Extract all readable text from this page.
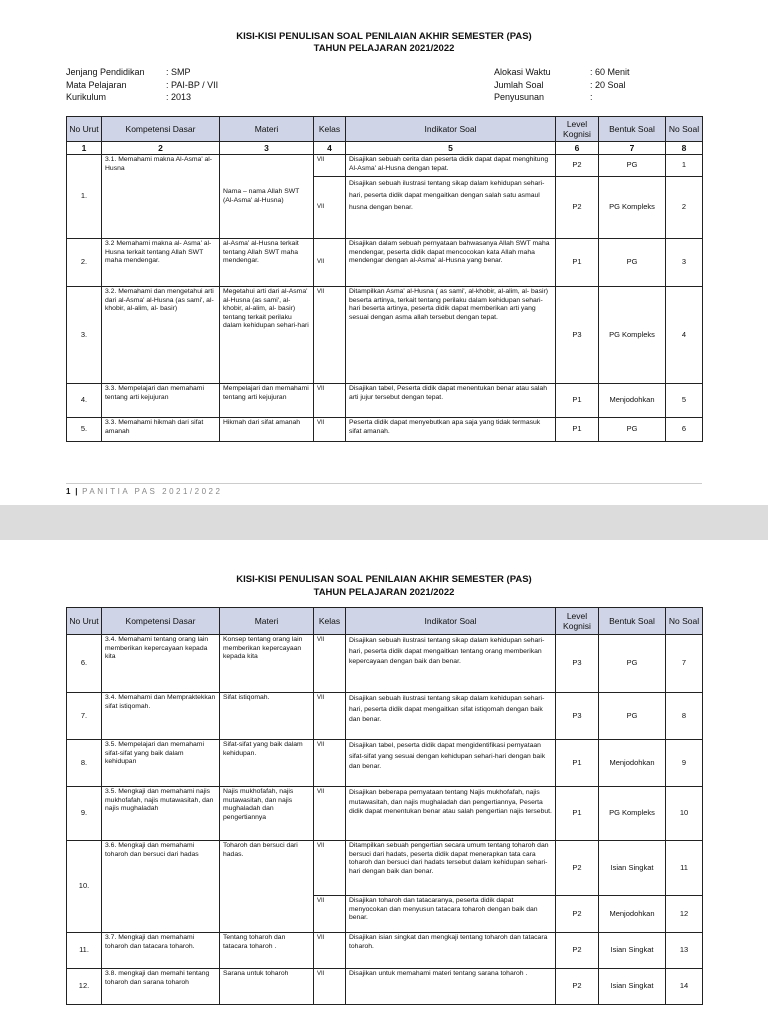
KISI-KISI PENULISAN SOAL PENILAIAN AKHIR SEMESTER (PAS)
TAHUN PELAJARAN 2021/2022
Jenjang Pendidikan	: SMP
Mata Pelajaran	: PAI-BP / VII
Kurikulum	: 2013
Alokasi Waktu	: 60 Menit
Jumlah Soal	: 20 Soal
Penyusunan	:
No Urut	Kompetensi Dasar	Materi	Kelas	Indikator Soal	Level Kognisi	Bentuk Soal	No Soal
1	2	3	4	5	6	7	8
1.	3.1. Memahami makna Al-Asma' al-Husna	Nama – nama Allah SWT (Al-Asma' al-Husna)	VII	Disajikan sebuah cerita dan peserta didik dapat dapat menghitung Al-Asma' al-Husna dengan tepat.	P2	PG	1
			VII	Disajikan sebuah ilustrasi tentang sikap dalam kehidupan sehari-hari, peserta didik dapat mengaitkan dengan salah satu asmaul husna dengan benar.	P2	PG Kompleks	2
2.	3.2 Memahami makna al- Asma' al-Husna terkait tentang Allah SWT maha mendengar.	al-Asma' al-Husna terkait tentang Allah SWT maha mendengar.	VII	Disajikan dalam sebuah pernyataan bahwasanya Allah SWT maha mendengar, peserta didik dapat mencocokan kata Allah maha mendengar dengan al-Asma' al-Husna yang benar.	P1	PG	3
3.	3.2. Memahami dan mengetahui arti dari al-Asma' al-Husna (as sami', al-khobir, al-alim, al- basir)	Megetahui arti dari al-Asma' al-Husna (as sami', al-khobir, al-alim, al- basir) tentang terkait perilaku dalam kehidupan sehari-hari	VII	Ditampilkan Asma' al-Husna ( as sami', al-khobir, al-alim, al- basir) beserta artinya, terkait tentang perilaku dalam kehidupan sehari-hari beserta artinya, peserta didik dapat memberikan arti yang sesuai dengan asma allah tersebut dengan tepat.	P3	PG Kompleks	4
4.	3.3. Mempelajari dan memahami tentang arti kejujuran	Mempelajari dan memahami tentang arti kejujuran	VII	Disajikan tabel, Peserta didik dapat menentukan benar atau salah arti jujur tersebut dengan tepat.	P1	Menjodohkan	5
5.	3.3. Memahami hikmah dari sifat amanah	Hikmah dari sifat amanah	VII	Peserta didik dapat menyebutkan apa saja yang tidak termasuk sifat amanah.	P1	PG	6
1 | PANITIA PAS 2021/2022
KISI-KISI PENULISAN SOAL PENILAIAN AKHIR SEMESTER (PAS)
TAHUN PELAJARAN 2021/2022
No Urut	Kompetensi Dasar	Materi	Kelas	Indikator Soal	Level Kognisi	Bentuk Soal	No Soal
6.	3.4. Memahami tentang orang lain memberikan kepercayaan kepada kita	Konsep tentang orang lain memberikan kepercayaan kepada kita	VII	Disajikan sebuah ilustrasi tentang sikap dalam kehidupan sehari-hari, peserta didik dapat mengaitkan tentang orang memberikan kepercayaan dengan baik dan benar.	P3	PG	7
7.	3.4. Memahami dan Mempraktekkan sifat istiqomah.	Sifat istiqomah.	VII	Disajikan sebuah ilustrasi tentang sikap dalam kehidupan sehari-hari, peserta didik dapat mengaitkan sifat istiqomah dengan baik dan benar.	P3	PG	8
8.	3.5. Mempelajari dan memahami sifat-sifat yang baik dalam kehidupan	Sifat-sifat yang baik dalam kehidupan.	VII	Disajikan tabel, peserta didik dapat mengidentifikasi pernyataan sifat-sifat yang sesuai dengan kehidupan sehari-hari dengan baik dan benar.	P1	Menjodohkan	9
9.	3.5. Mengkaji dan memahami najis mukhofafah, najis mutawasitah, dan najis mughaladah	Najis mukhofafah, najis mutawasitah, dan najis mughaladah dan pengertiannya	VII	Disajikan beberapa pernyataan tentang Najis mukhofafah, najis mutawasitah, dan najis mughaladah dan pengertiannya, Peserta didik dapat menentukan benar atau salah pengertian najis tersebut.	P1	PG Kompleks	10
10.	3.6. Mengkaji dan memahami toharoh dan bersuci dari hadas	Toharoh dan bersuci dari hadas.	VII	Ditampilkan sebuah pengertian secara umum tentang toharoh dan bersuci dari hadats, peserta didik dapat menerapkan tata cara toharoh dan bersuci dari hadats tersebut dalam kehidupan sehari-hari dengan baik dan benar.	P2	Isian Singkat	11
			VII	Disajikan toharoh dan tatacaranya, peserta didik dapat menyocokan dan menyusun tatacara toharoh dengan baik dan benar.	P2	Menjodohkan	12
11.	3.7. Mengkaji dan memahami toharoh dan tatacara toharoh.	Tentang toharoh dan tatacara toharoh .	VII	Disajikan isian singkat dan mengkaji tentang toharoh dan tatacara toharoh.	P2	Isian Singkat	13
12.	3.8. mengkaji dan memahi tentang toharoh dan sarana toharoh	Sarana untuk toharoh	VII	Disajikan untuk memahami materi tentang sarana toharoh .	P2	Isian Singkat	14
